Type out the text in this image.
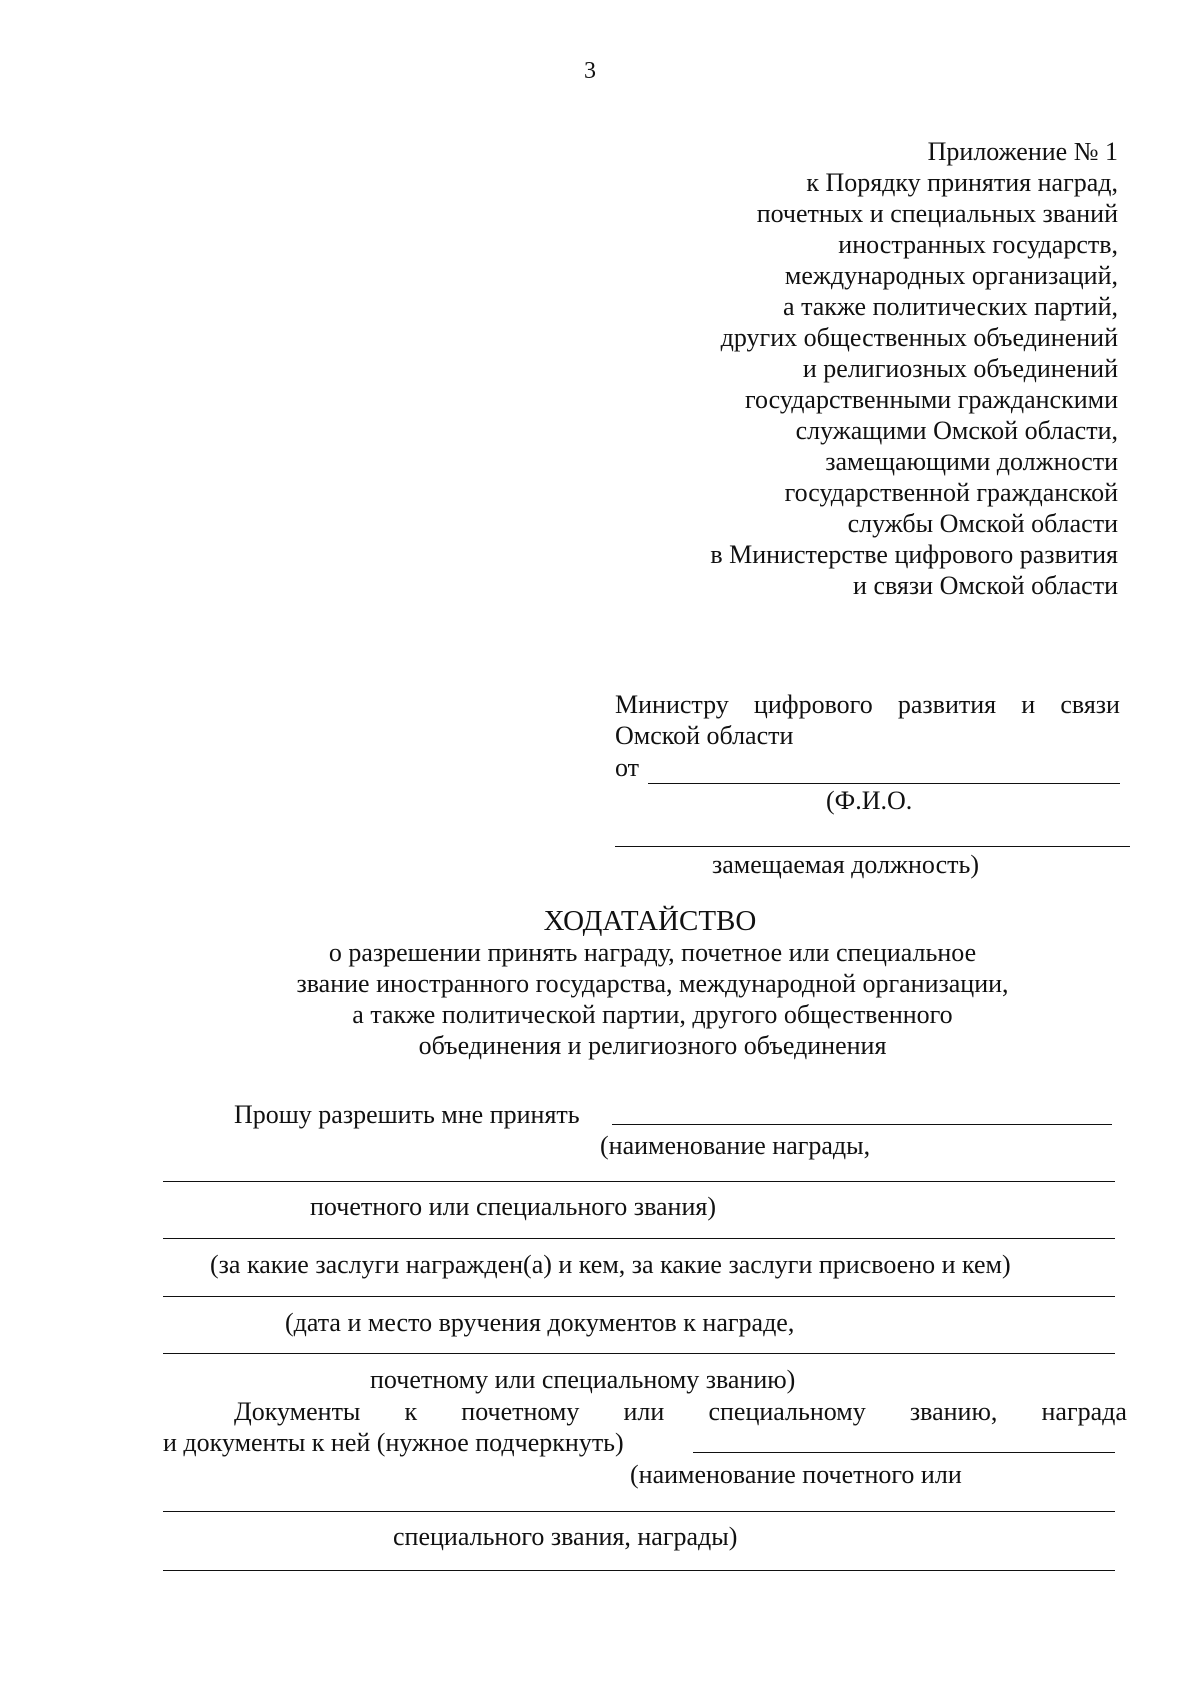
3
Приложение № 1
к Порядку принятия наград,
почетных и специальных званий
иностранных государств,
международных организаций,
а также политических партий,
других общественных объединений
и религиозных объединений
государственными гражданскими
служащими Омской области,
замещающими должности
государственной гражданской
службы Омской области
в Министерстве цифрового развития
и связи Омской области
Министру цифрового развития и связи
Омской области
от
(Ф.И.О.
замещаемая должность)
ХОДАТАЙСТВО
о разрешении принять награду, почетное или специальное
звание иностранного государства, международной организации,
а также политической партии, другого общественного
объединения и религиозного объединения
Прошу разрешить мне принять
(наименование награды,
почетного или специального звания)
(за какие заслуги награжден(а) и кем, за какие заслуги присвоено и кем)
(дата и место вручения документов к награде,
почетному или специальному званию)
Документы к почетному или специальному званию, награда
и документы к ней (нужное подчеркнуть)
(наименование почетного или
специального звания, награды)
